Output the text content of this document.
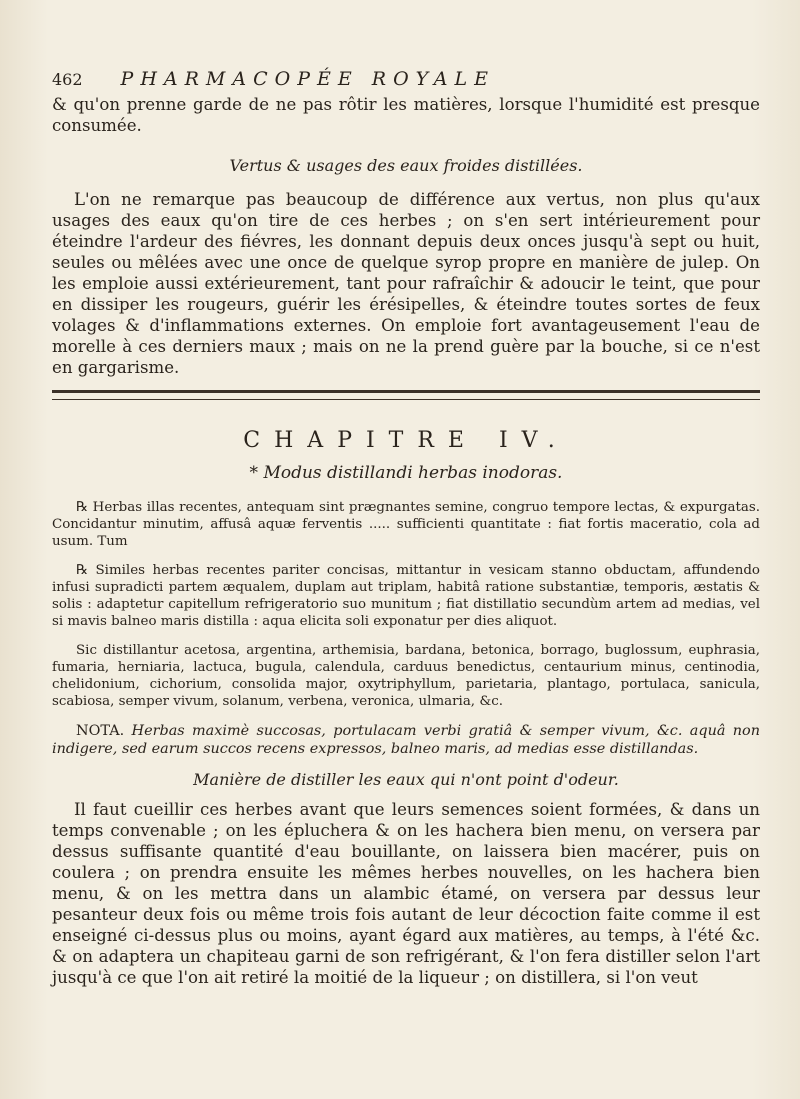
462 PHARMACOPÉE ROYALE

& qu'on prenne garde de ne pas rôtir les matières, lorsque l'humidité est presque consumée.

Vertus & usages des eaux froides distillées.

L'on ne remarque pas beaucoup de différence aux vertus, non plus qu'aux usages des eaux qu'on tire de ces herbes ; on s'en sert intérieurement pour éteindre l'ardeur des fiévres, les donnant depuis deux onces jusqu'à sept ou huit, seules ou mêlées avec une once de quelque syrop propre en manière de julep. On les emploie aussi extérieurement, tant pour rafraîchir & adoucir le teint, que pour en dissiper les rougeurs, guérir les érésipelles, & éteindre toutes sortes de feux volages & d'inflammations externes. On emploie fort avantageusement l'eau de morelle à ces derniers maux ; mais on ne la prend guère par la bouche, si ce n'est en gargarisme.

CHAPITRE IV.
* Modus distillandi herbas inodoras.

℞ Herbas illas recentes, antequam sint prægnantes semine, congruo tempore lectas, & expurgatas. Concidantur minutim, affusâ aquæ ferventis ..... sufficienti quantitate : fiat fortis maceratio, cola ad usum. Tum

℞ Similes herbas recentes pariter concisas, mittantur in vesicam stanno obductam, affundendo infusi supradicti partem æqualem, duplam aut triplam, habitâ ratione substantiæ, temporis, æstatis & solis : adaptetur capitellum refrigeratorio suo munitum ; fiat distillatio secundùm artem ad medias, vel si mavis balneo maris distilla : aqua elicita soli exponatur per dies aliquot.

Sic distillantur acetosa, argentina, arthemisia, bardana, betonica, borrago, buglossum, euphrasia, fumaria, herniaria, lactuca, bugula, calendula, carduus benedictus, centaurium minus, centinodia, chelidonium, cichorium, consolida major, oxytriphyllum, parietaria, plantago, portulaca, sanicula, scabiosa, semper vivum, solanum, verbena, veronica, ulmaria, &c.

NOTA. Herbas maximè succosas, portulacam verbi gratiâ & semper vivum, &c. aquâ non indigere, sed earum succos recens expressos, balneo maris, ad medias esse distillandas.

Manière de distiller les eaux qui n'ont point d'odeur.

Il faut cueillir ces herbes avant que leurs semences soient formées, & dans un temps convenable ; on les épluchera & on les hachera bien menu, on versera par dessus suffisante quantité d'eau bouillante, on laissera bien macérer, puis on coulera ; on prendra ensuite les mêmes herbes nouvelles, on les hachera bien menu, & on les mettra dans un alambic étamé, on versera par dessus leur pesanteur deux fois ou même trois fois autant de leur décoction faite comme il est enseigné ci-dessus plus ou moins, ayant égard aux matières, au temps, à l'été &c. & on adaptera un chapiteau garni de son refrigérant, & l'on fera distiller selon l'art jusqu'à ce que l'on ait retiré la moitié de la liqueur ; on distillera, si l'on veut
